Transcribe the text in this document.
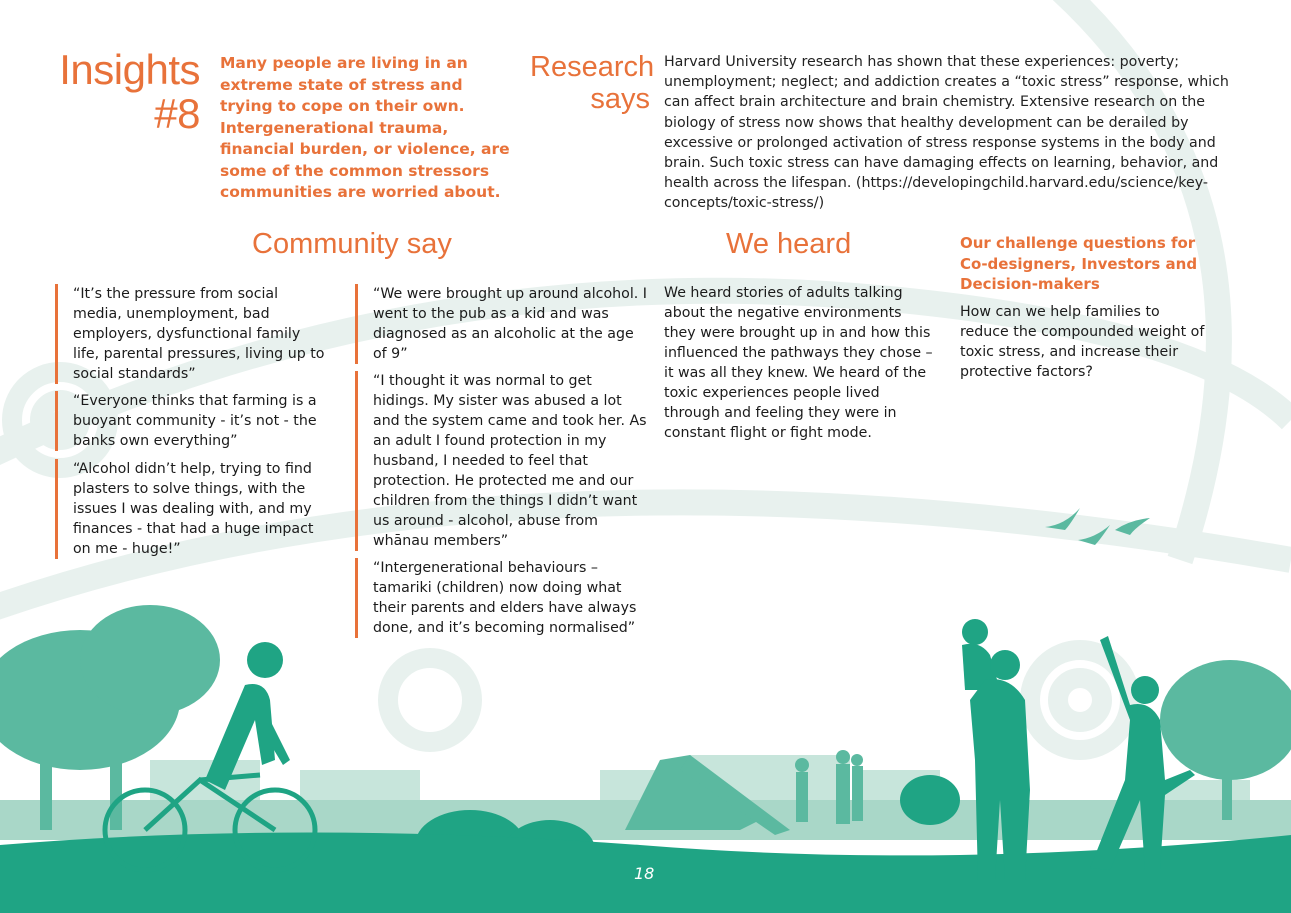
Insights
#8
Many people are living in an extreme state of stress and trying to cope on their own. Intergenerational trauma, financial burden, or violence, are some of the common stressors communities are worried about.
Research
says
Harvard University research has shown that these experiences: poverty; unemployment; neglect; and addiction creates a “toxic stress” response, which can affect brain architecture and brain chemistry. Extensive research on the biology of stress now shows that healthy development can be derailed by excessive or prolonged activation of stress response systems in the body and brain. Such toxic stress can have damaging effects on learning, behavior, and health across the lifespan. (https://developingchild.harvard.edu/science/key-concepts/toxic-stress/)
Community say
“It’s the pressure from social media, unemployment, bad employers, dysfunctional family life, parental pressures, living up to social standards”
“Everyone thinks that farming is a buoyant community - it’s not - the banks own everything”
“Alcohol didn’t help, trying to find plasters to solve things, with the issues I was dealing with, and my finances - that had a huge impact on me - huge!”
“We were brought up around alcohol. I went to the pub as a kid and was diagnosed as an alcoholic at the age of 9”
“I thought it was normal to get hidings. My sister was abused a lot and the system came and took her. As an adult I found protection in my husband, I needed to feel that protection. He protected me and our children from the things I didn’t want us around - alcohol, abuse from whānau members”
“Intergenerational behaviours – tamariki (children) now doing what their parents and elders have always done, and it’s becoming normalised”
We heard
We heard stories of adults talking about the negative environments they were brought up in and how this influenced the pathways they chose – it was all they knew. We heard of the toxic experiences people lived through and feeling they were in constant flight or fight mode.
Our challenge questions for Co-designers, Investors and Decision-makers
How can we help families to reduce the compounded weight of toxic stress, and increase their protective factors?
18
